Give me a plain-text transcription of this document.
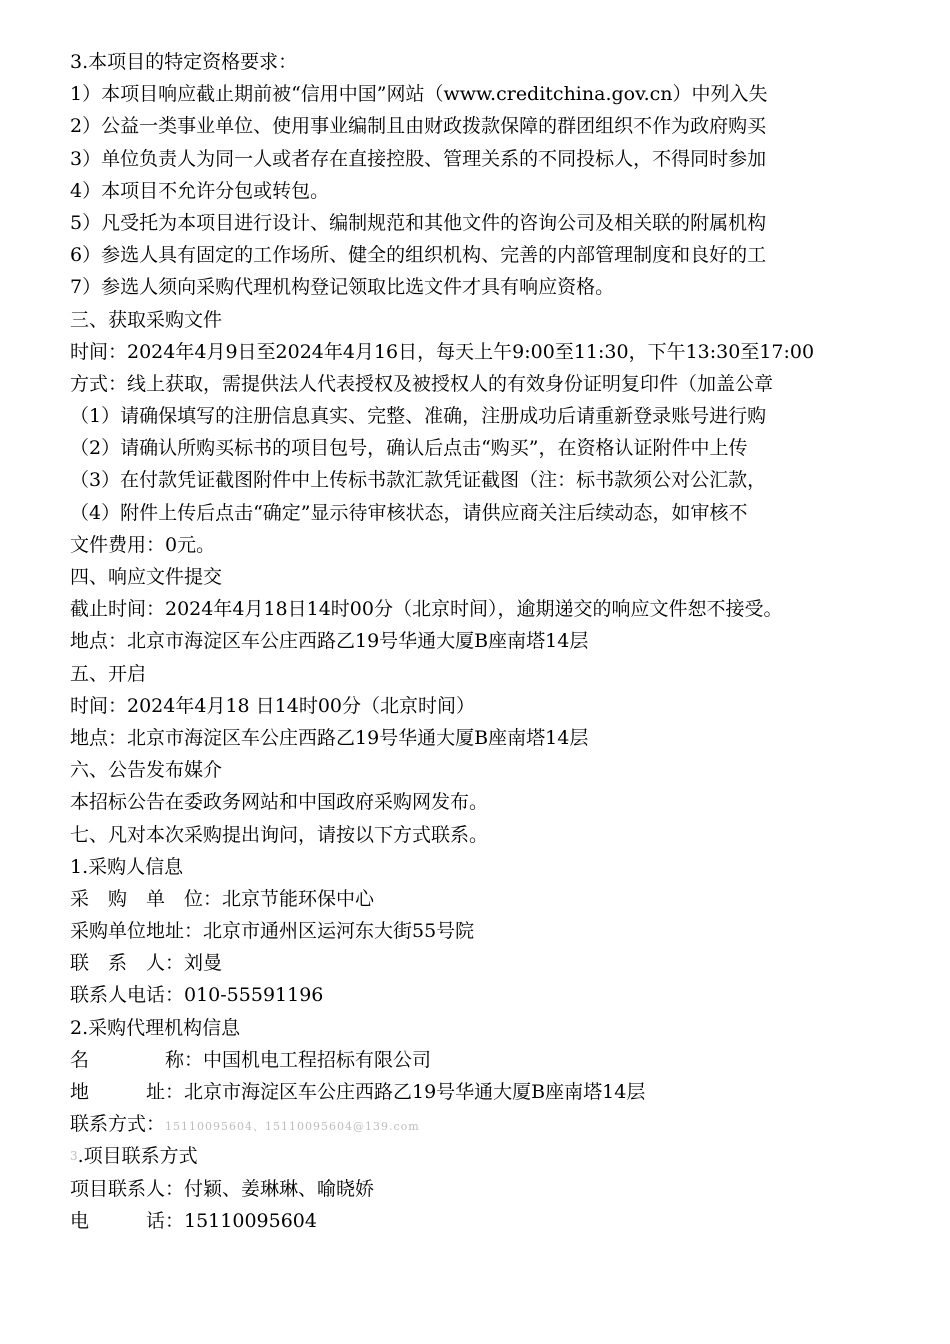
3.本项目的特定资格要求：
1）本项目响应截止期前被“信用中国”网站（www.creditchina.gov.cn）中列入失
2）公益一类事业单位、使用事业编制且由财政拨款保障的群团组织不作为政府购买
3）单位负责人为同一人或者存在直接控股、管理关系的不同投标人，不得同时参加
4）本项目不允许分包或转包。
5）凡受托为本项目进行设计、编制规范和其他文件的咨询公司及相关联的附属机构
6）参选人具有固定的工作场所、健全的组织机构、完善的内部管理制度和良好的工
7）参选人须向采购代理机构登记领取比选文件才具有响应资格。
三、获取采购文件
时间：2024年4月9日至2024年4月16日，每天上午9:00至11:30，下午13:30至17:00
方式：线上获取，需提供法人代表授权及被授权人的有效身份证明复印件（加盖公章
（1）请确保填写的注册信息真实、完整、准确，注册成功后请重新登录账号进行购
（2）请确认所购买标书的项目包号，确认后点击“购买”，在资格认证附件中上传
（3）在付款凭证截图附件中上传标书款汇款凭证截图（注：标书款须公对公汇款，
（4）附件上传后点击“确定”显示待审核状态，请供应商关注后续动态，如审核不
文件费用：0元。
四、响应文件提交
截止时间：2024年4月18日14时00分（北京时间），逾期递交的响应文件恕不接受。
地点：北京市海淀区车公庄西路乙19号华通大厦B座南塔14层
五、开启
时间：2024年4月18 日14时00分（北京时间）
地点：北京市海淀区车公庄西路乙19号华通大厦B座南塔14层
六、公告发布媒介
本招标公告在委政务网站和中国政府采购网发布。
七、凡对本次采购提出询问，请按以下方式联系。
1.采购人信息
采　购　单　位：北京节能环保中心
采购单位地址：北京市通州区运河东大街55号院
联　系　人：刘曼
联系人电话：010-55591196
2.采购代理机构信息
名　　　　称：中国机电工程招标有限公司
地　　　址：北京市海淀区车公庄西路乙19号华通大厦B座南塔14层
联系方式：15110095604、15110095604@139.com
$^3$.项目联系方式
项目联系人：付颖、姜琳琳、喻晓娇
电　　　话：15110095604
